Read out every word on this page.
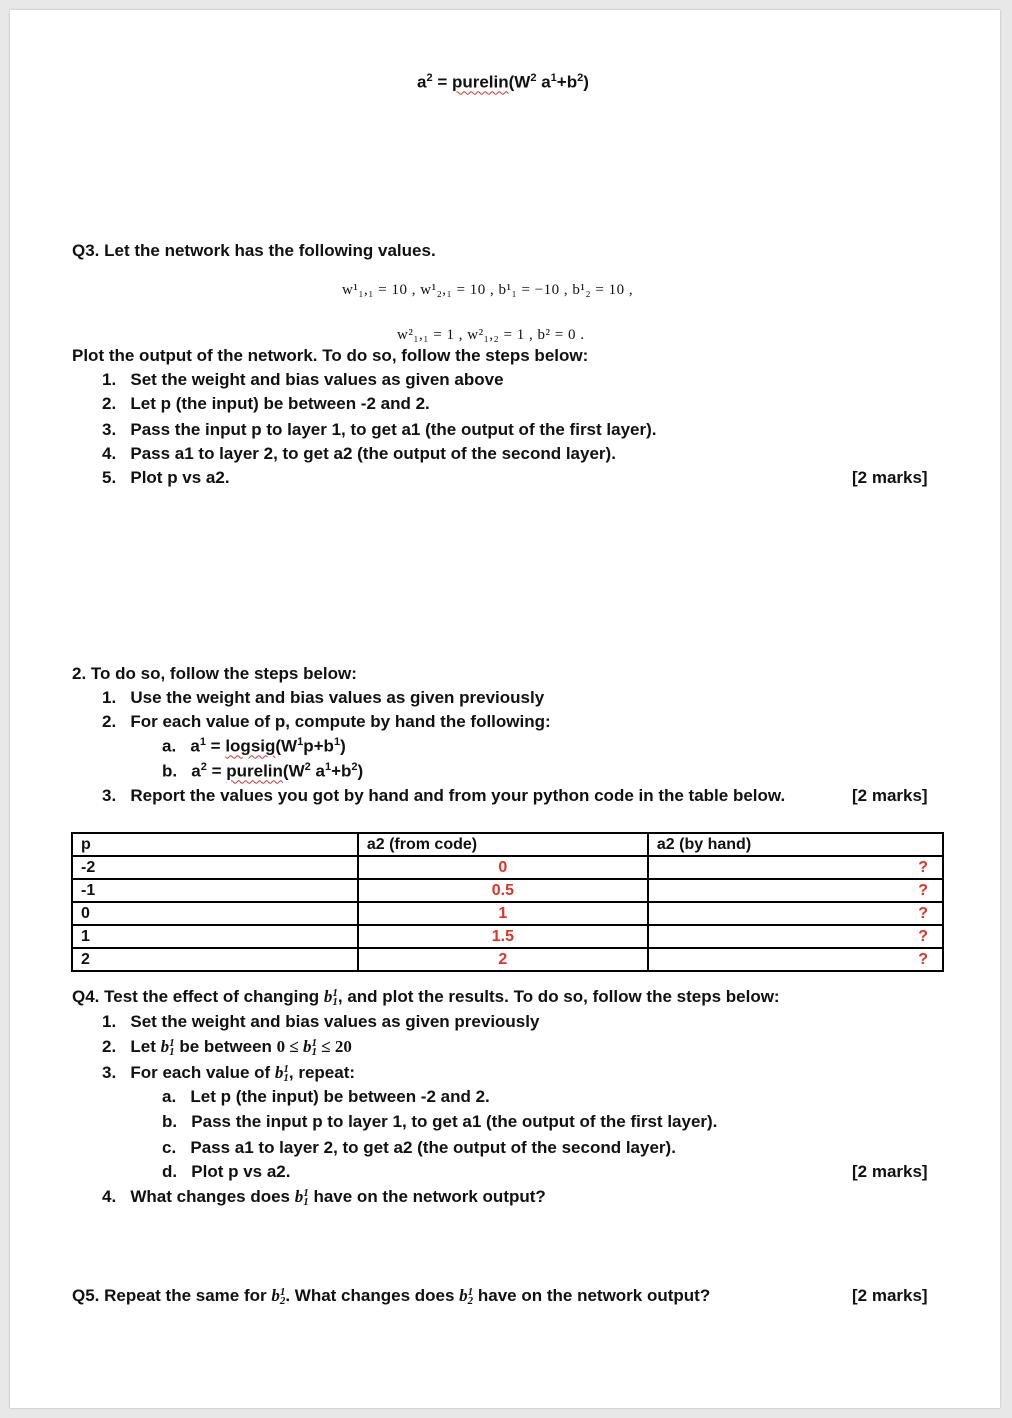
$a^2$ = $purelin(W^2$ $a^1+b^2$)
Q3. Let the network has the following values.
w¹₁,₁ = 10 , w¹₂,₁ = 10 , b¹₁ = −10 , b¹₂ = 10 ,
w²₁,₁ = 1 , w²₁,₂ = 1 , b² = 0 .
Plot the output of the network. To do so, follow the steps below:
1.   Set the weight and bias values as given above
2.   Let p (the input) be between -2 and 2.
3.   Pass the input p to layer 1, to get a1 (the output of the first layer).
4.   Pass a1 to layer 2, to get a2 (the output of the second layer).
5.   Plot p vs a2.	[2 marks]
2. To do so, follow the steps below:
1.   Use the weight and bias values as given previously
2.   For each value of p, compute by hand the following:
a.   $a^1$ = $logsig(W^1p+b^1)$
b.   $a^2$ = $purelin(W^2$ $a^1+b^2$)
3.   Report the values you got by hand and from your python code in the table below.	[2 marks]
p	a2 (from code)	a2 (by hand)
-2	0	?
-1	0.5	?
0	1	?
1	1.5	?
2	2	?
Q4. Test the effect of changing b 1
1 , and plot the results. To do so, follow the steps below:
1.   Set the weight and bias values as given previously
2.   Let b 1
1 be between 0 ≤ b 1
1 ≤ 20
3.   For each value of b 1
1 , repeat:
a.   Let p (the input) be between -2 and 2.
b.   Pass the input p to layer 1, to get a1 (the output of the first layer).
c.   Pass a1 to layer 2, to get a2 (the output of the second layer).
d.   Plot p vs a2.	[2 marks]
4.   What changes does b 1
1 have on the network output?
Q5. Repeat the same for b 1
2 . What changes does b 1
2 have on the network output?	[2 marks]
